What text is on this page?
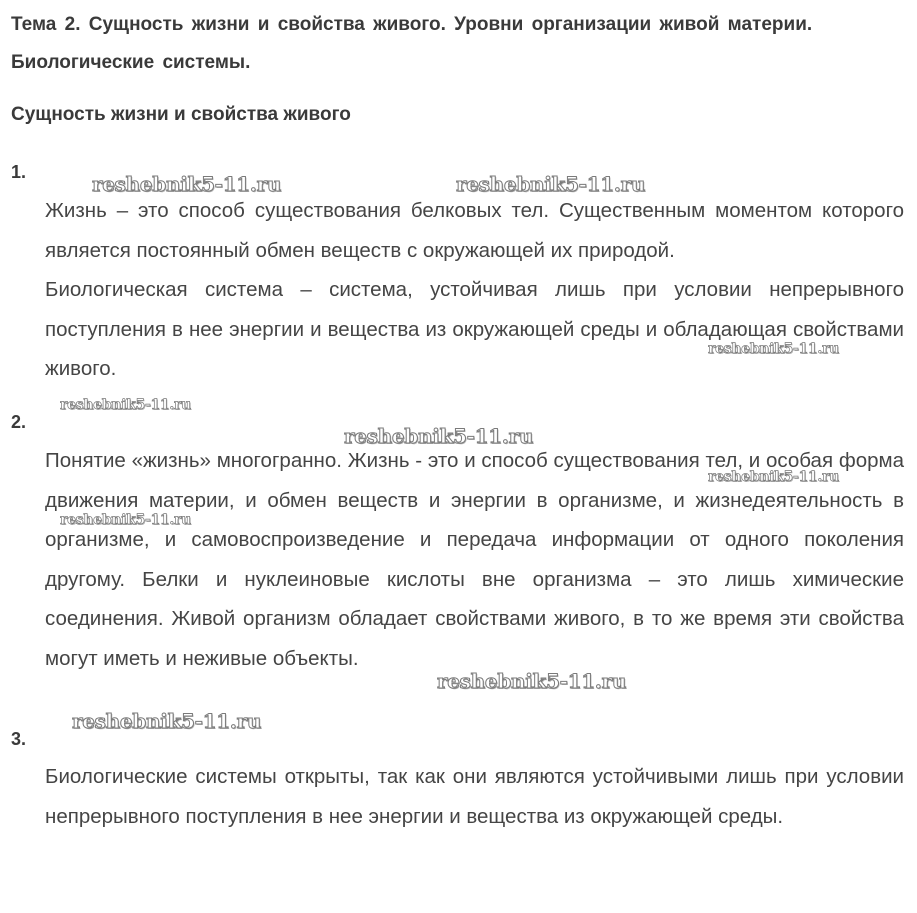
Тема 2. Сущность жизни и свойства живого. Уровни организации живой материи. Биологические системы.
Сущность жизни и свойства живого
1.

Жизнь – это способ существования белковых тел. Существенным моментом которого является постоянный обмен веществ с окружающей их природой.

Биологическая система – система, устойчивая лишь при условии непрерывного поступления в нее энергии и вещества из окружающей среды и обладающая свойствами живого.

2.

Понятие «жизнь» многогранно. Жизнь - это и способ существования тел, и особая форма движения материи, и обмен веществ и энергии в организме, и жизнедеятельность в организме, и самовоспроизведение и передача информации от одного поколения другому. Белки и нуклеиновые кислоты вне организма – это лишь химические соединения. Живой организм обладает свойствами живого, в то же время эти свойства могут иметь и неживые объекты.

3.

Биологические системы открыты, так как они являются устойчивыми лишь при условии непрерывного поступления в нее энергии и вещества из окружающей среды.

reshebnik5-11.ru	reshebnik5-11.ru
reshebnik5-11.ru
reshebnik5-11.ru
reshebnik5-11.ru
reshebnik5-11.ru
reshebnik5-11.ru
reshebnik5-11.ru
reshebnik5-11.ru
